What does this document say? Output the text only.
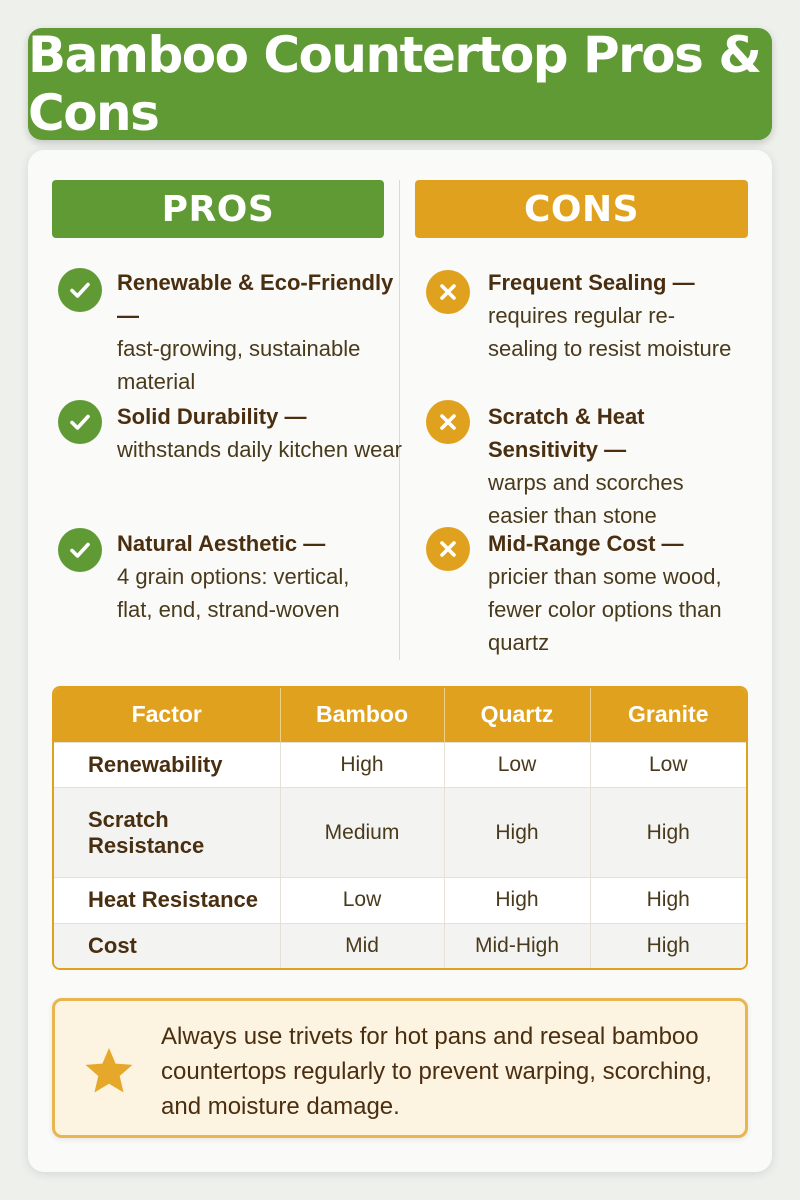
Bamboo Countertop Pros & Cons
PROS	CONS
Renewable & Eco-Friendly —
fast-growing, sustainable material
Solid Durability —
withstands daily kitchen wear
Natural Aesthetic —
4 grain options: vertical, flat, end, strand-woven
Frequent Sealing —
requires regular re-sealing to resist moisture
Scratch & Heat Sensitivity —
warps and scorches easier than stone
Mid-Range Cost —
pricier than some wood, fewer color options than quartz
Factor	Bamboo	Quartz	Granite
Renewability	High	Low	Low
Scratch Resistance	Medium	High	High
Heat Resistance	Low	High	High
Cost	Mid	Mid-High	High
Always use trivets for hot pans and reseal bamboo countertops regularly to prevent warping, scorching, and moisture damage.
